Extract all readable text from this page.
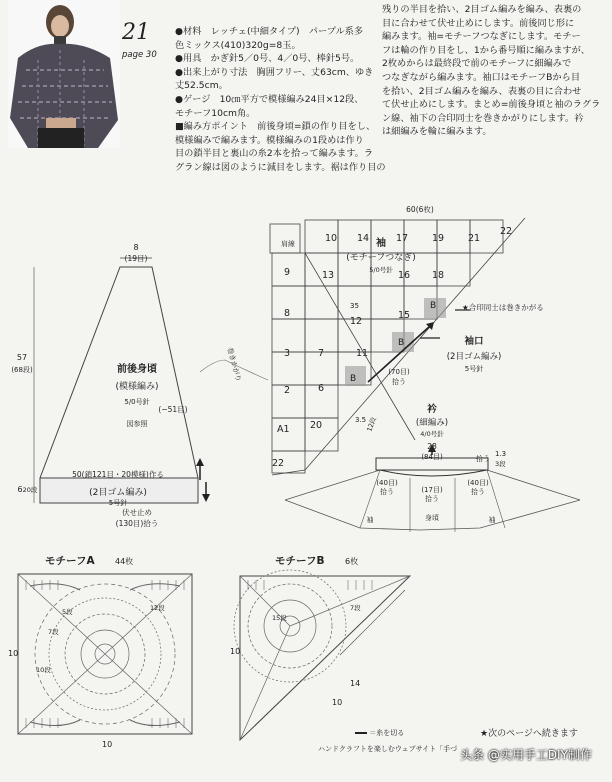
21
page 30

●材料　レッチェ(中細タイプ)　パープル系多

色ミックス(410)320g=8玉。

●用具　かぎ針5／0号、4／0号、棒針5号。

●出来上がり寸法　胸囲フリー、丈63cm、ゆき

丈52.5cm。

●ゲージ　10㎝平方で模様編み24目×12段、

モチーフ10cm角。

■編み方ポイント　前後身頃=鎖の作り目をし、

模様編みで編みます。模様編みの1段めは作り

目の鎖半目と裏山の糸2本を拾って編みます。ラ

グラン線は図のように減目をします。裾は作り目の

残りの半目を拾い、2目ゴム編みを編み、表裏の

目に合わせて伏せ止めにします。前後同じ形に

編みます。袖=モチーフつなぎにします。モチー

フは輪の作り目をし、1から番号順に編みますが、

2枚めからは最終段で前のモチーフに細編みで

つなぎながら編みます。袖口はモチーフBから目

を拾い、2目ゴム編みを編み、表裏の目に合わせ

て伏せ止めにします。まとめ=前後身頃と袖のラグラ

ン線、袖下の合印同士を巻きかがりにします。衿

は細編みを輪に編みます。

8
(19目)
57
(68段)	前後身頃
(模様編み)
5/0号針
(−51目)
図参照
50(鎖121目・20模様)作る
(2目ゴム編み)
5号針
6 20段
伏せ止め
(130目)拾う
巻きかがり
10 14	17	19	21
22
9	13	16 18
8
12
15
3	7	11
2	6
A1 20
22
35	B
B
B
60(6枚)
袖
(モチーフつなぎ)
5/0号針
肩線
★合印同士は巻きかがる
袖口
(2目ゴム編み)
5号針
(70目)
拾う
3.5 12段
衿
(細編み)
4/0号針
28
(84目)	拾う
1.3
3段
(40目)
拾う	(17目)
拾う
(40目)
拾う
袖	身頃	袖
モチーフA	44枚
10
10
5段
7段
10段
12段
モチーフB	6枚
10
14
10
7段
15段
＝糸を切る	★次のページへ続きます
ハンドクラフトを楽しむウェブサイト「手づ 头条 @实用手工DIY制作
